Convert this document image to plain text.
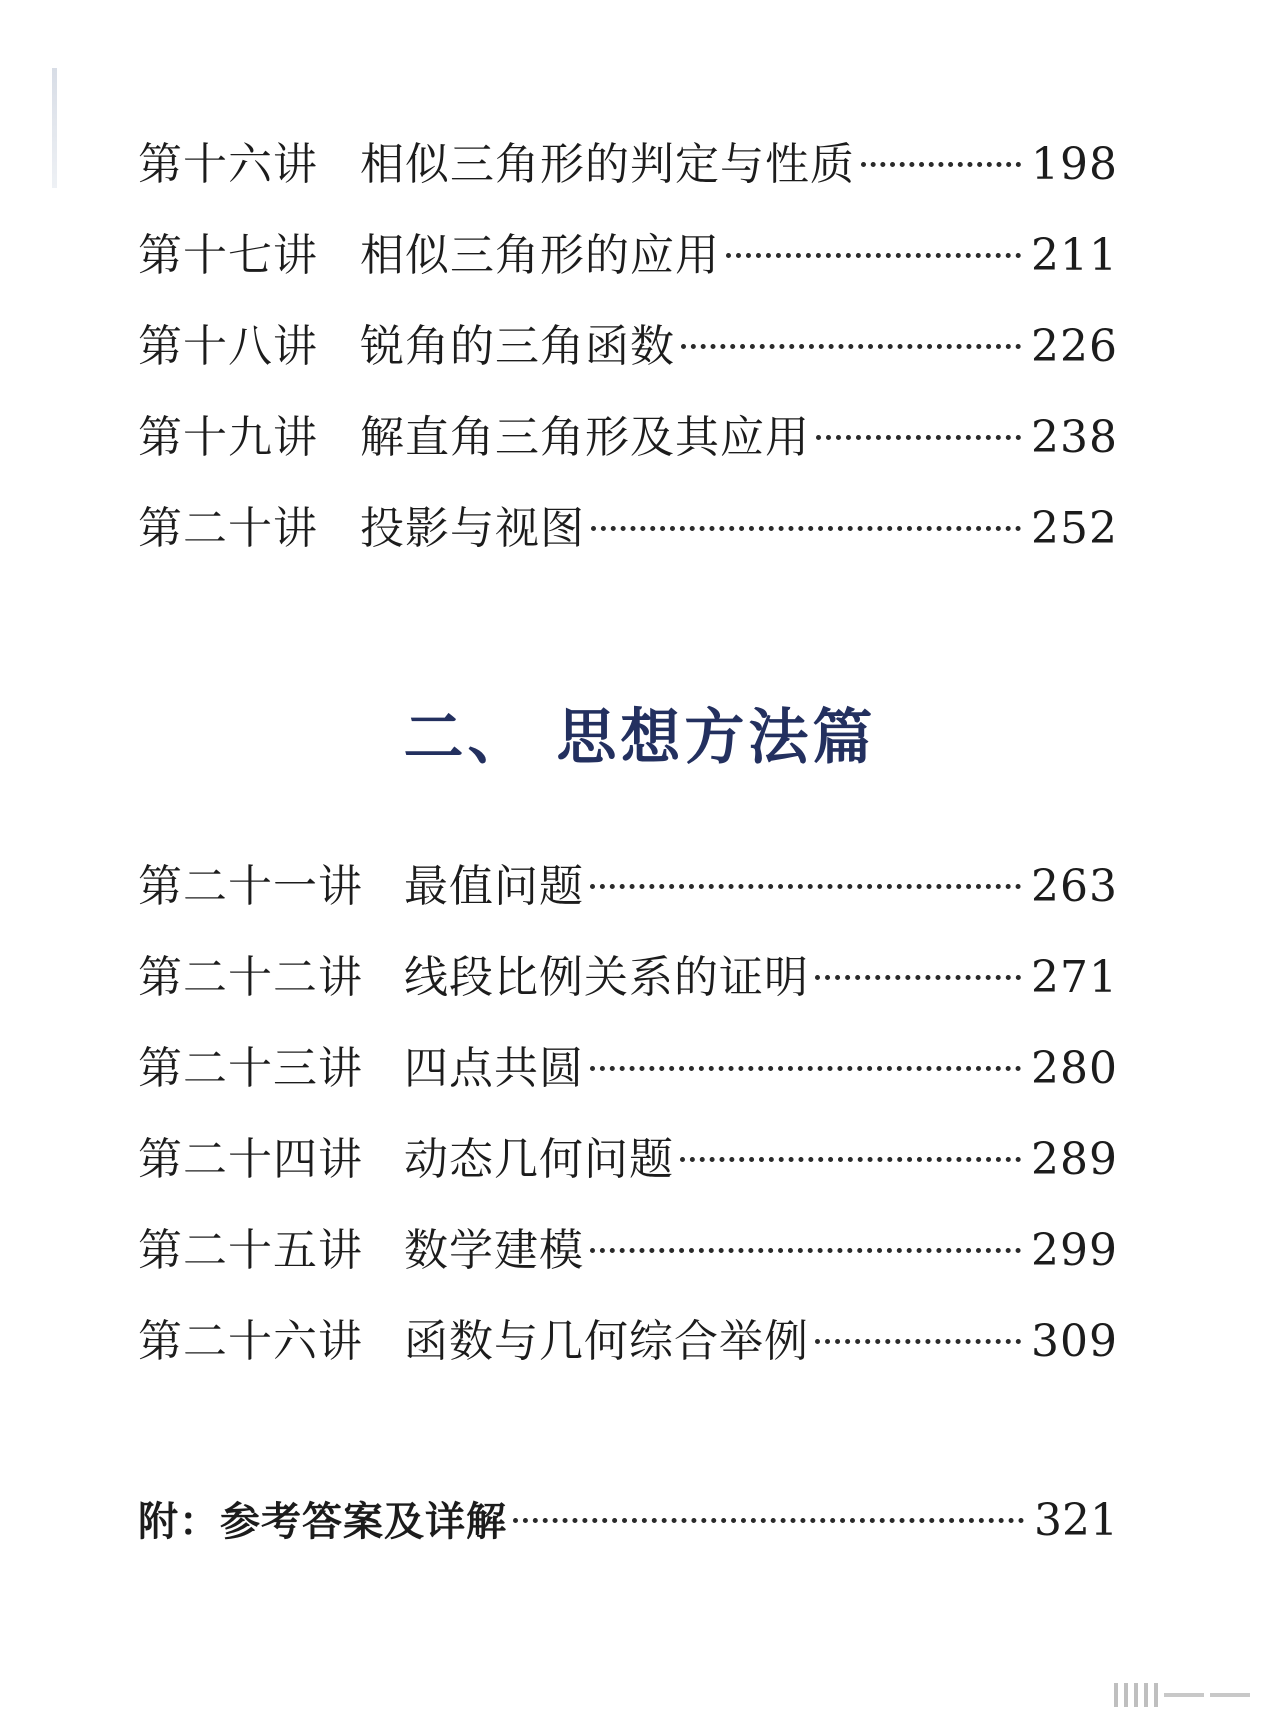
第十六讲 相似三角形的判定与性质	198
第十七讲 相似三角形的应用	211
第十八讲 锐角的三角函数	226
第十九讲 解直角三角形及其应用	238
第二十讲 投影与视图	252
二、 思想方法篇
第二十一讲 最值问题	263
第二十二讲 线段比例关系的证明	271
第二十三讲 四点共圆	280
第二十四讲 动态几何问题	289
第二十五讲 数学建模	299
第二十六讲 函数与几何综合举例	309
附：参考答案及详解	321
